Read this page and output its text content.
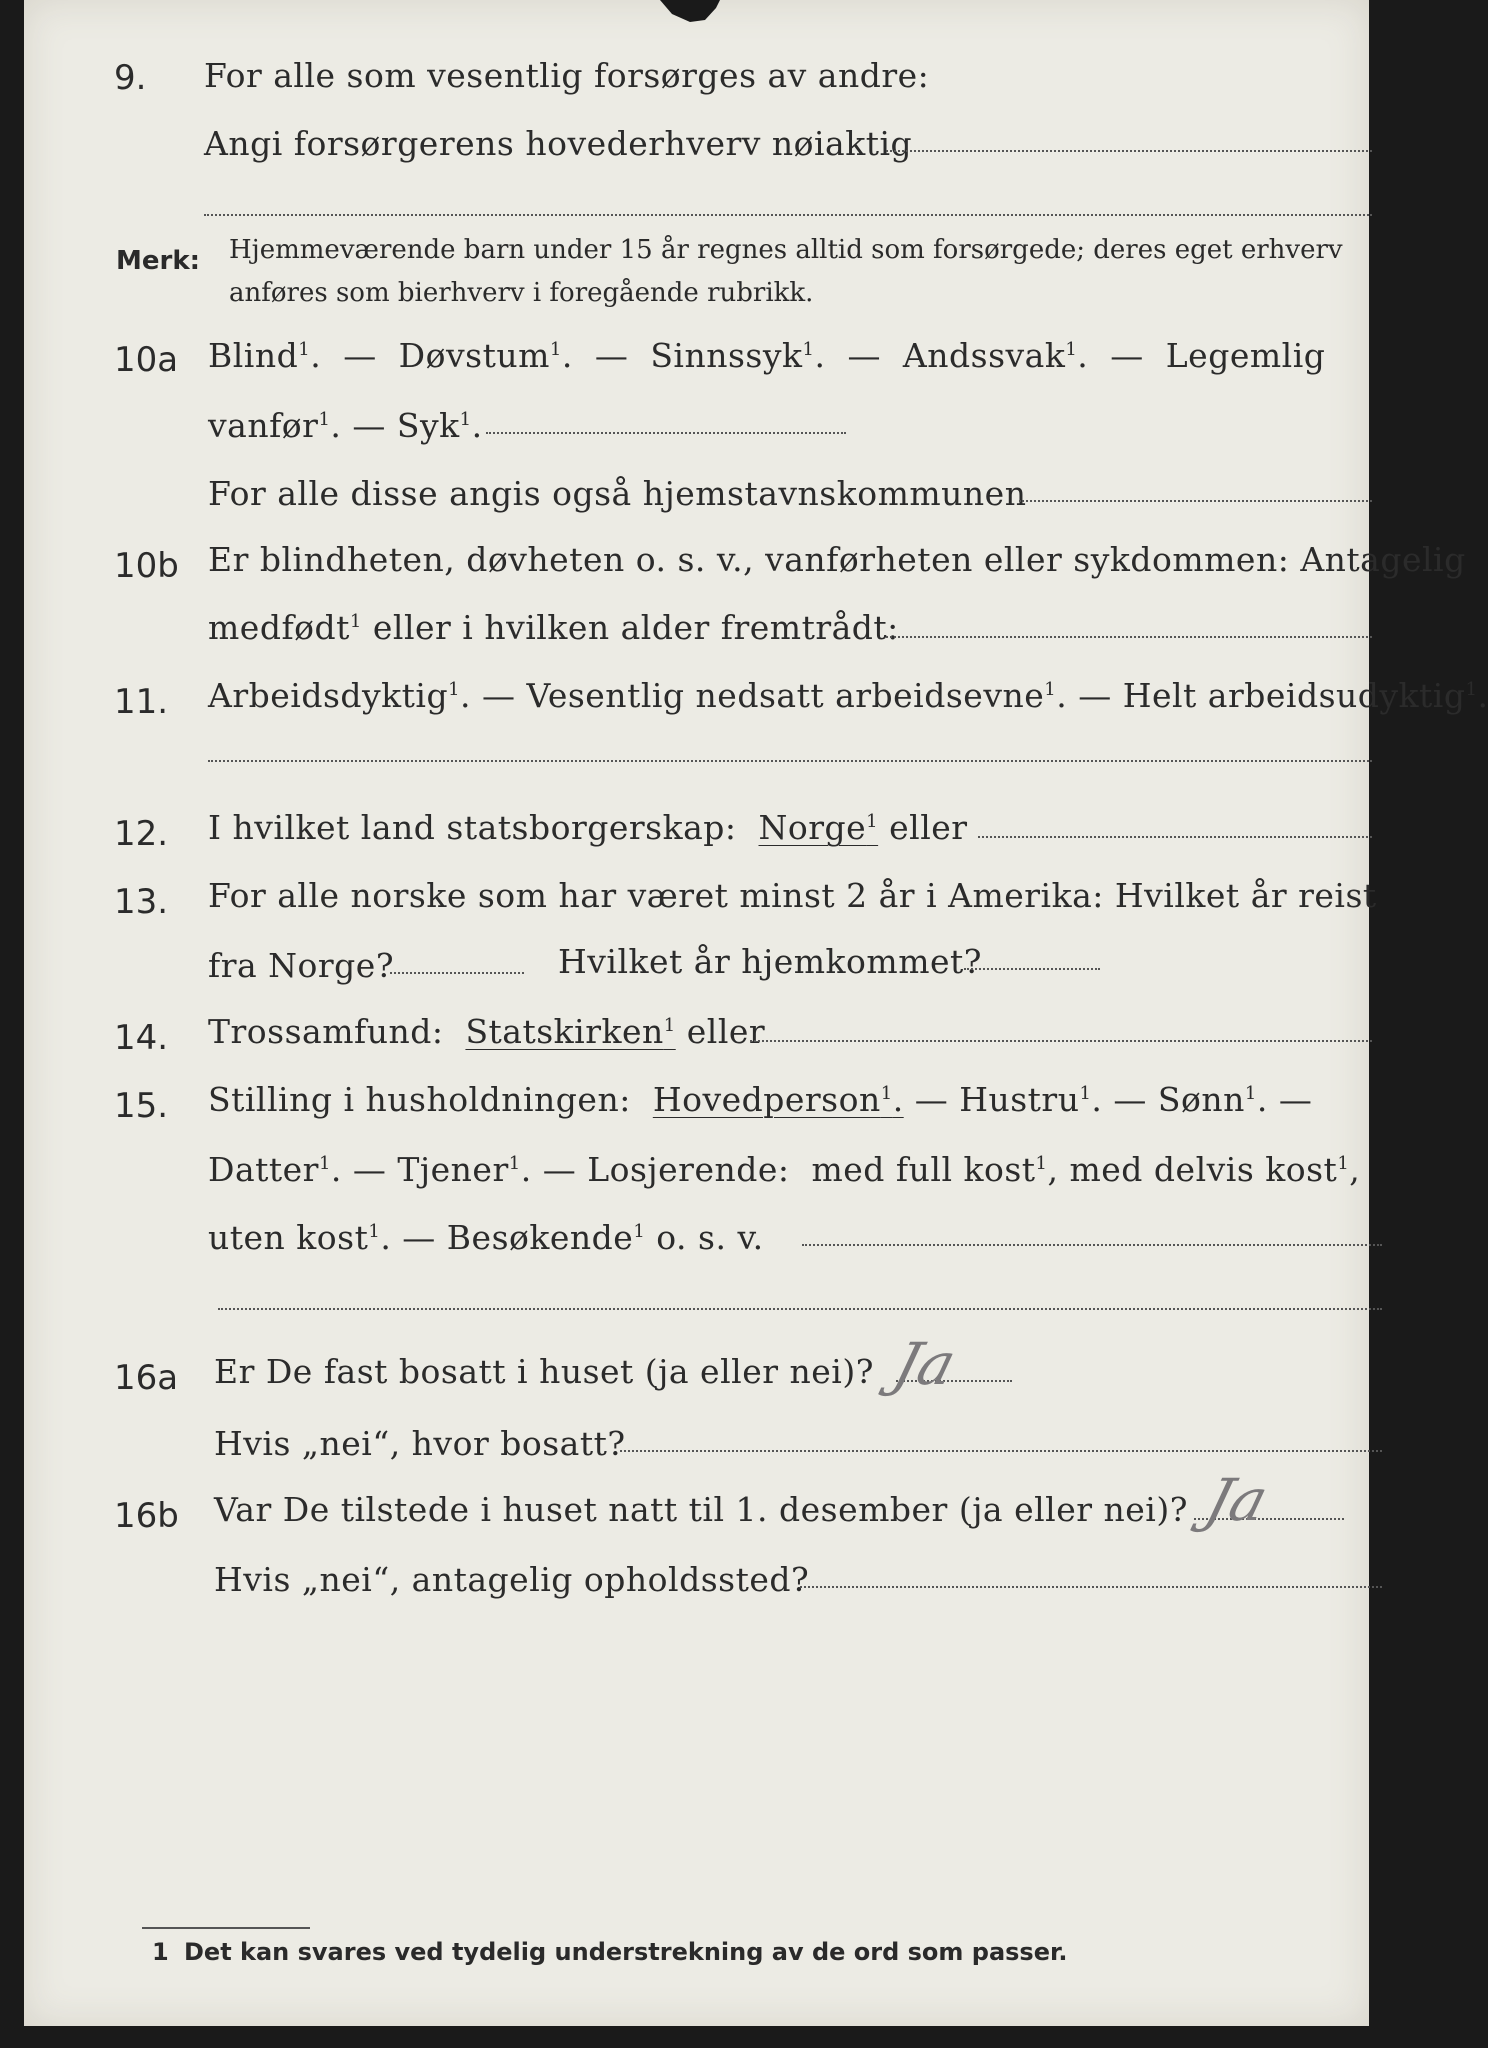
9. For alle som vesentlig forsørges av andre:
Angi forsørgerens hovederhverv nøiaktig
Merk: Hjemmeværende barn under 15 år regnes alltid som forsørgede; deres eget erhverv
anføres som bierhverv i foregående rubrikk.
10a Blind$^1$.  — Døvstum$^1$.  — Sinnssyk$^1$.  — Andssvak$^1$.  — Legemlig
vanfør$^1$. — Syk$^1$.
For alle disse angis også hjemstavnskommunen
10b Er blindheten, døvheten o. s. v., vanførheten eller sykdommen: Antagelig
medfødt$^1$ eller i hvilken alder fremtrådt:
11. Arbeidsdyktig$^1$. — Vesentlig nedsatt arbeidsevne$^1$. — Helt arbeidsudyktig$^1$.
12. I hvilket land statsborgerskap: Norge$^1$ eller
13. For alle norske som har været minst 2 år i Amerika: Hvilket år reist
fra Norge?	Hvilket år hjemkommet?
14. Trossamfund: Statskirken$^1$ eller
15. Stilling i husholdningen: Hovedperson$^1$. — Hustru$^1$. — Sønn$^1$. —
Datter$^1$. — Tjener$^1$. — Losjerende: med full kost$^1$, med delvis kost$^1$,
uten kost$^1$. — Besøkende$^1$ o. s. v.
16a Er De fast bosatt i huset (ja eller nei)? Ja
Hvis „nei“, hvor bosatt?
16b Var De tilstede i huset natt til 1. desember (ja eller nei)? Ja
Hvis „nei“, antagelig opholdssted?
1 Det kan svares ved tydelig understrekning av de ord som passer.
